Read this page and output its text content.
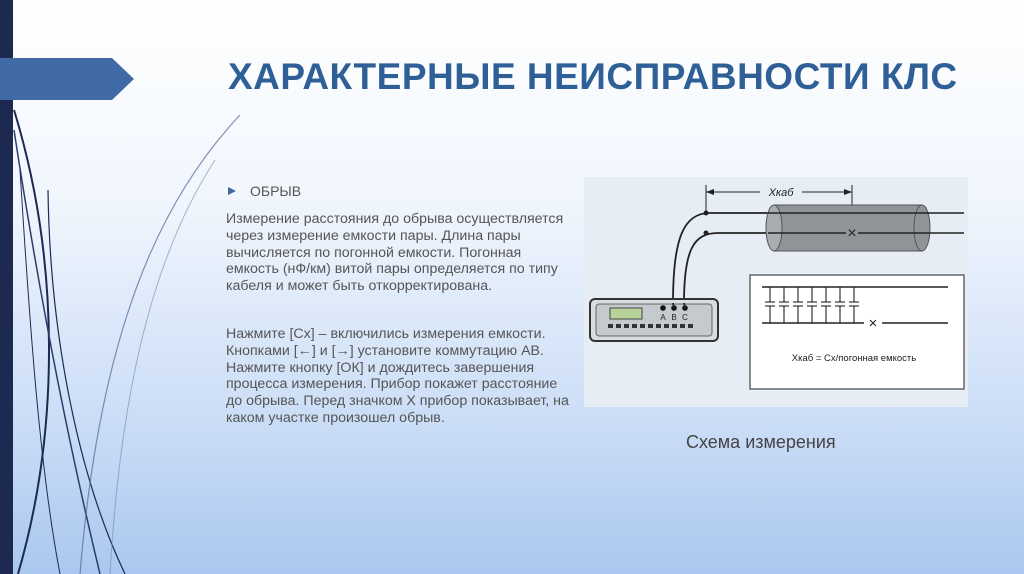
ХАРАКТЕРНЫЕ НЕИСПРАВНОСТИ КЛС
ОБРЫВ

Измерение расстояния до обрыва осуществляется через измерение емкости пары. Длина пары вычисляется по погонной емкости. Погонная емкость (нФ/км) витой пары определяется по типу кабеля и может быть откорректирована.

Нажмите [Сх] – включились измерения емкости. Кнопками [←] и [→] установите коммутацию АВ. Нажмите кнопку [ОК] и дождитесь завершения процесса измерения. Прибор покажет расстояние до обрыва. Перед значком Х прибор показывает, на каком участке произошел обрыв.

Хкаб
×
A B C	×
Хкаб = Сх/погонная емкость
Схема измерения
